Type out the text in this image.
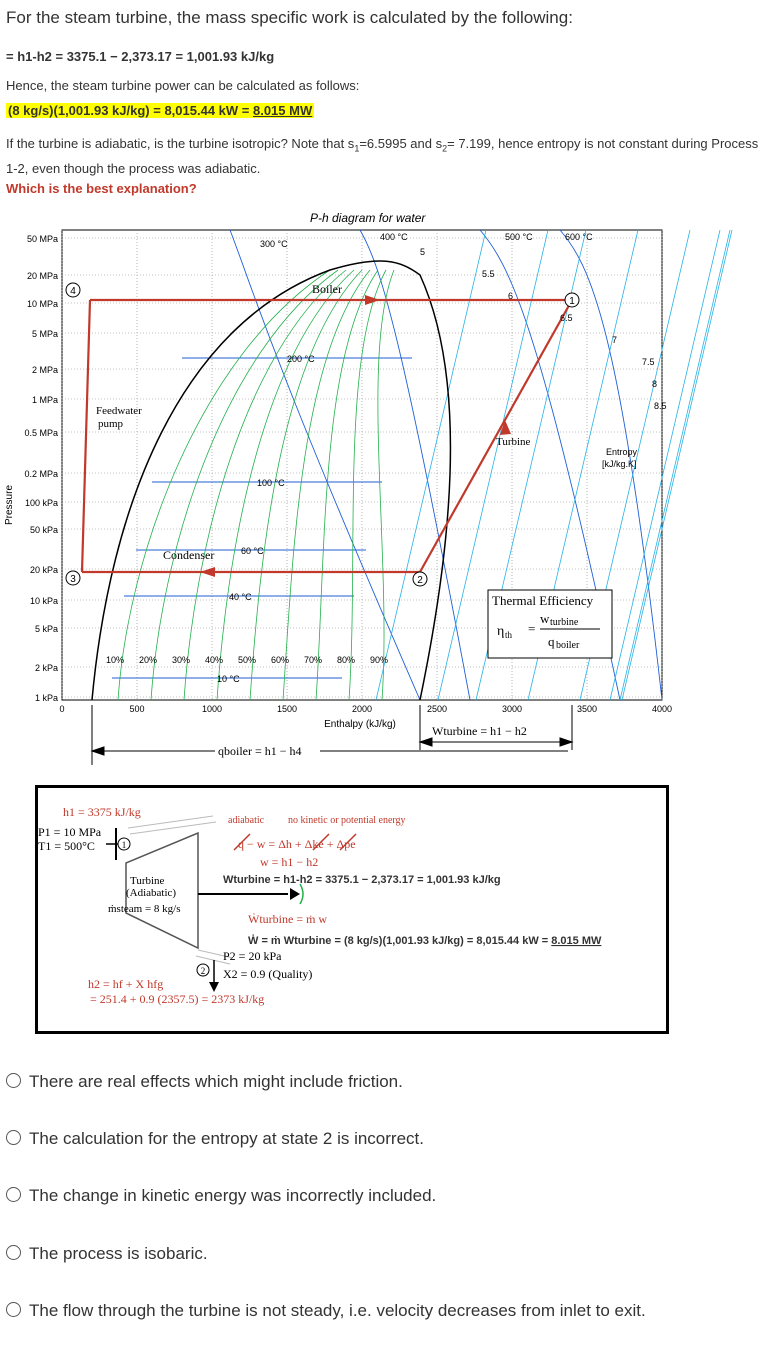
For the steam turbine, the mass specific work is calculated by the following:
= h1-h2 = 3375.1 − 2,373.17 = 1,001.93 kJ/kg
Hence, the steam turbine power can be calculated as follows:
(8 kg/s)(1,001.93 kJ/kg) = 8,015.44 kW = 8.015 MW
If the turbine is adiabatic, is the turbine isotropic? Note that $s_1=6.5995$ and $s_2= 7.199$, hence entropy is not constant during Process 1-2, even though the process was adiabatic.
Which is the best explanation?
P-h diagram for water
50 MPa
20 MPa
10 MPa
5 MPa
2 MPa
1 MPa
0.5 MPa
0.2 MPa
100 kPa
50 kPa
20 kPa
10 kPa
5 kPa
2 kPa
1 kPa
0	500	1000	1500	2000	2500	3000	3500	4000
300 °C
400 °C	500 °C	600 °C
200 °C
100 °C
60 °C
40 °C
10 °C
10% 20% 30% 40% 50% 60% 70% 80% 90%
5
5.5
6
6.5
7
7.5
8
8.5
Pressure
Enthalpy (kJ/kg)
1
2
3
4	Boiler
Feedwater
pump
Turbine
Condenser
Entropy
[kJ/kg.K]
Thermal Efficiency
η th =
w turbine
q boiler
Wturbine = h1 − h2
qboiler = h1 − h4
h1 = 3375 kJ/kg
P1 = 10 MPa
T1 = 500°C	1
Turbine
(Adiabatic)
ṁsteam = 8 kg/s
2
adiabatic no kinetic or potential energy
q − w = Δh + Δke + Δpe
w = h1 − h2
Wturbine = h1-h2 = 3375.1 − 2,373.17 = 1,001.93 kJ/kg
Ẇturbine = ṁ w
Ẇ = ṁ Wturbine = (8 kg/s)(1,001.93 kJ/kg) = 8,015.44 kW = 8.015 MW
P2 = 20 kPa
X2 = 0.9 (Quality)
h2 = hf + X hfg
= 251.4 + 0.9 (2357.5) = 2373 kJ/kg
There are real effects which might include friction.
The calculation for the entropy at state 2 is incorrect.
The change in kinetic energy was incorrectly included.
The process is isobaric.
The flow through the turbine is not steady, i.e. velocity decreases from inlet to exit.
